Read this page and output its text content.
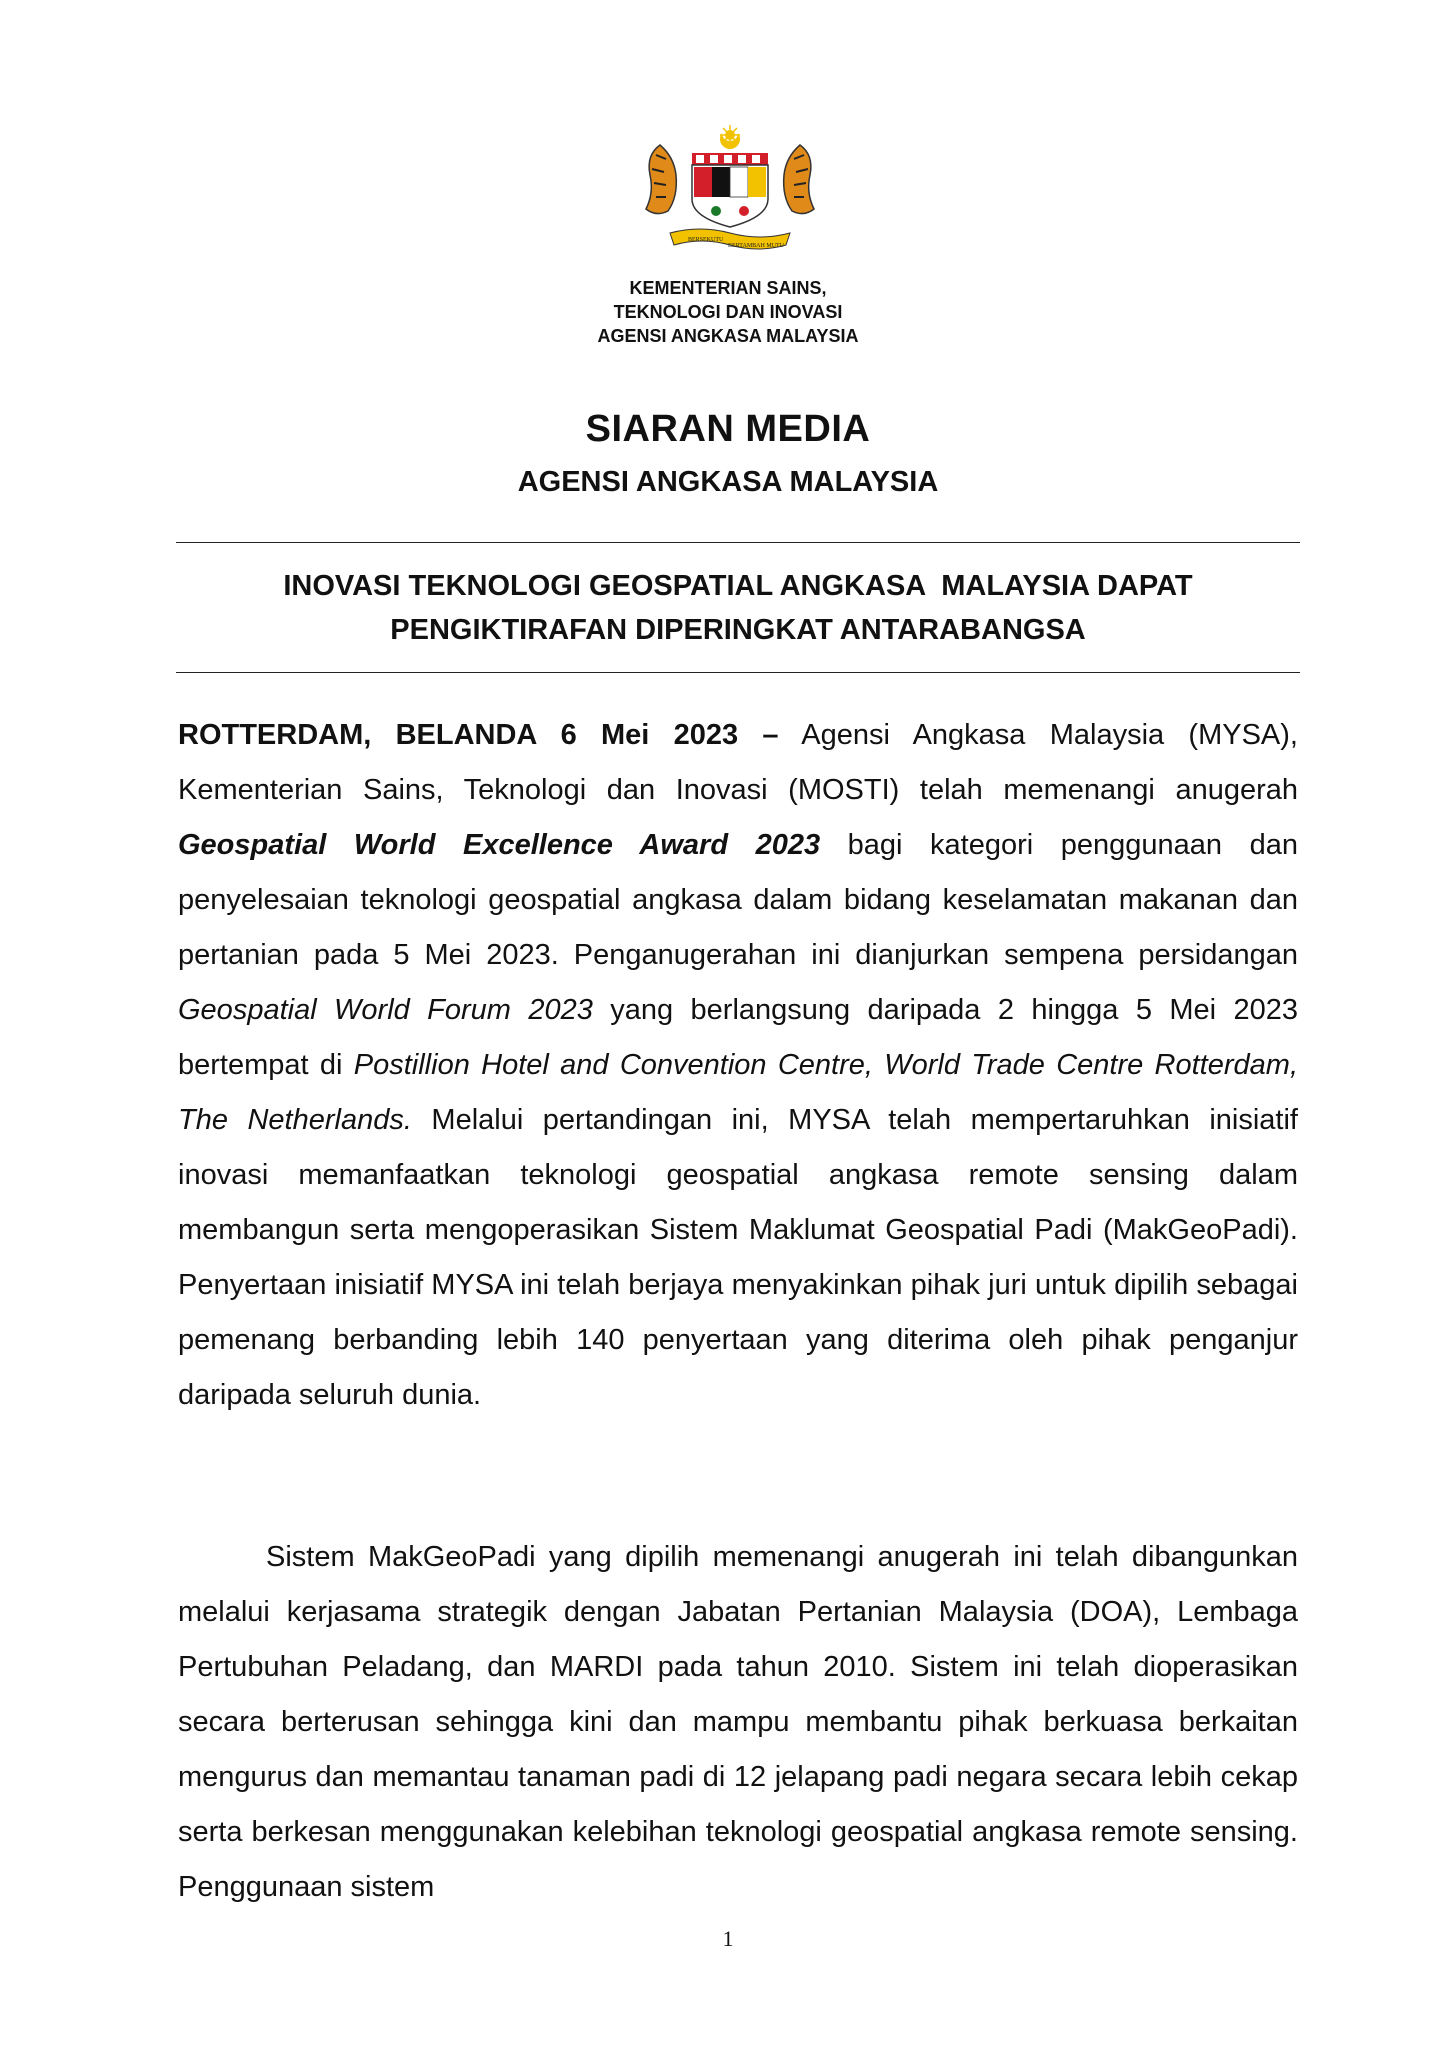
BERSEKUTU
BERTAMBAH MUTU
KEMENTERIAN SAINS,
TEKNOLOGI DAN INOVASI
AGENSI ANGKASA MALAYSIA
SIARAN MEDIA
AGENSI ANGKASA MALAYSIA
INOVASI TEKNOLOGI GEOSPATIAL ANGKASA  MALAYSIA DAPAT
PENGIKTIRAFAN DIPERINGKAT ANTARABANGSA
ROTTERDAM, BELANDA 6 Mei 2023 – Agensi Angkasa Malaysia (MYSA), Kementerian Sains, Teknologi dan Inovasi (MOSTI) telah memenangi anugerah Geospatial World Excellence Award 2023 bagi kategori penggunaan dan penyelesaian teknologi geospatial angkasa dalam bidang keselamatan makanan dan pertanian pada 5 Mei 2023. Penganugerahan ini dianjurkan sempena persidangan Geospatial World Forum 2023 yang berlangsung daripada 2 hingga 5 Mei 2023 bertempat di Postillion Hotel and Convention Centre, World Trade Centre Rotterdam, The Netherlands. Melalui pertandingan ini, MYSA telah mempertaruhkan inisiatif inovasi memanfaatkan teknologi geospatial angkasa remote sensing dalam membangun serta mengoperasikan Sistem Maklumat Geospatial Padi (MakGeoPadi). Penyertaan inisiatif MYSA ini telah berjaya menyakinkan pihak juri untuk dipilih sebagai pemenang berbanding lebih 140 penyertaan yang diterima oleh pihak penganjur daripada seluruh dunia.
Sistem MakGeoPadi yang dipilih memenangi anugerah ini telah dibangunkan melalui kerjasama strategik dengan Jabatan Pertanian Malaysia (DOA), Lembaga Pertubuhan Peladang, dan MARDI pada tahun 2010. Sistem ini telah dioperasikan secara berterusan sehingga kini dan mampu membantu pihak berkuasa berkaitan mengurus dan memantau tanaman padi di 12 jelapang padi negara secara lebih cekap serta berkesan menggunakan kelebihan teknologi geospatial angkasa remote sensing. Penggunaan sistem
1
